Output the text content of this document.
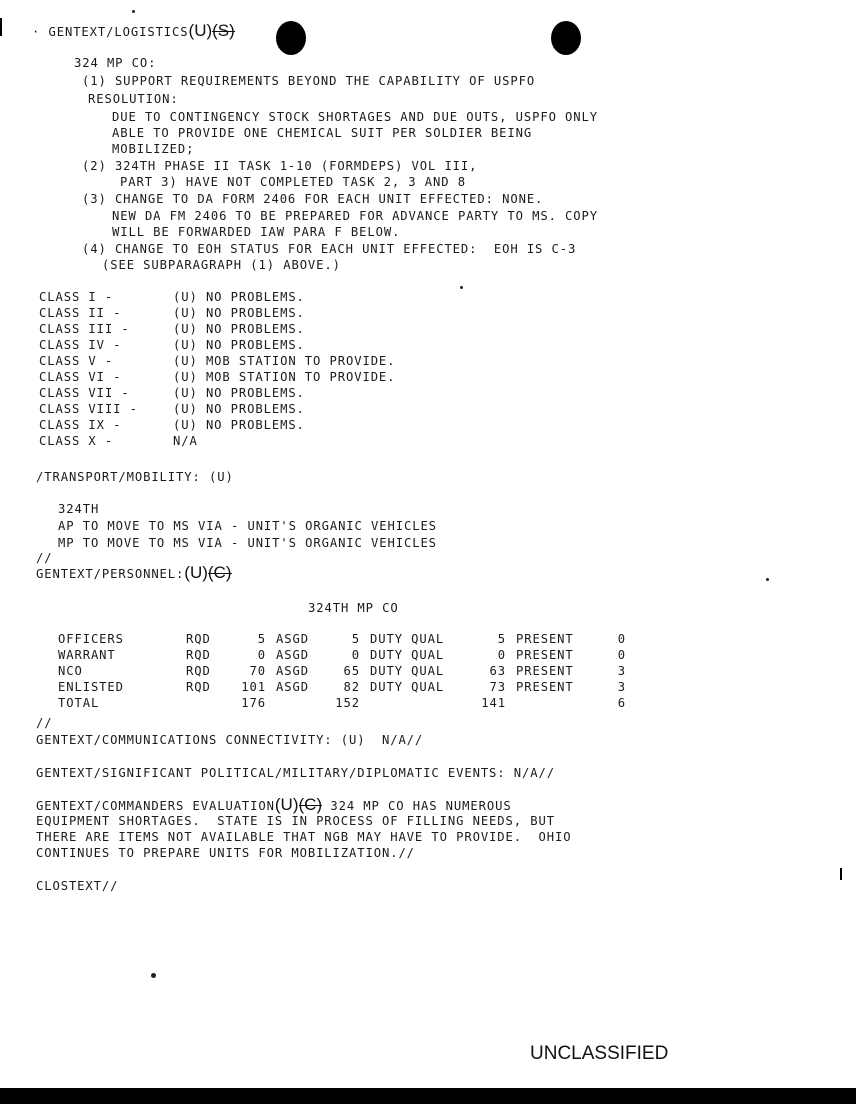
· GENTEXT/LOGISTICS(U)(S)
324 MP CO:
(1) SUPPORT REQUIREMENTS BEYOND THE CAPABILITY OF USPFO
RESOLUTION:
DUE TO CONTINGENCY STOCK SHORTAGES AND DUE OUTS, USPFO ONLY
ABLE TO PROVIDE ONE CHEMICAL SUIT PER SOLDIER BEING
MOBILIZED;
(2) 324TH PHASE II TASK 1-10 (FORMDEPS) VOL III,
PART 3) HAVE NOT COMPLETED TASK 2, 3 AND 8
(3) CHANGE TO DA FORM 2406 FOR EACH UNIT EFFECTED: NONE.
NEW DA FM 2406 TO BE PREPARED FOR ADVANCE PARTY TO MS. COPY
WILL BE FORWARDED IAW PARA F BELOW.
(4) CHANGE TO EOH STATUS FOR EACH UNIT EFFECTED:  EOH IS C-3
(SEE SUBPARAGRAPH (1) ABOVE.)
CLASS I -	(U) NO PROBLEMS.
CLASS II -	(U) NO PROBLEMS.
CLASS III -	(U) NO PROBLEMS.
CLASS IV -	(U) NO PROBLEMS.
CLASS V -	(U) MOB STATION TO PROVIDE.
CLASS VI -	(U) MOB STATION TO PROVIDE.
CLASS VII -	(U) NO PROBLEMS.
CLASS VIII -	(U) NO PROBLEMS.
CLASS IX -	(U) NO PROBLEMS.
CLASS X -	N/A
/TRANSPORT/MOBILITY: (U)
324TH
AP TO MOVE TO MS VIA - UNIT'S ORGANIC VEHICLES
MP TO MOVE TO MS VIA - UNIT'S ORGANIC VEHICLES
//
GENTEXT/PERSONNEL:(U)(C)
324TH MP CO
OFFICERS	RQD	5	ASGD	5	DUTY QUAL	5	PRESENT	0
WARRANT	RQD	0	ASGD	0	DUTY QUAL	0	PRESENT	0
NCO	RQD	70	ASGD	65	DUTY QUAL	63	PRESENT	3
ENLISTED	RQD	101	ASGD	82	DUTY QUAL	73	PRESENT	3
TOTAL		176		152		141		6
//
GENTEXT/COMMUNICATIONS CONNECTIVITY: (U)  N/A//
GENTEXT/SIGNIFICANT POLITICAL/MILITARY/DIPLOMATIC EVENTS: N/A//
GENTEXT/COMMANDERS EVALUATION(U)(C) 324 MP CO HAS NUMEROUS
EQUIPMENT SHORTAGES.  STATE IS IN PROCESS OF FILLING NEEDS, BUT
THERE ARE ITEMS NOT AVAILABLE THAT NGB MAY HAVE TO PROVIDE.  OHIO
CONTINUES TO PREPARE UNITS FOR MOBILIZATION.//
CLOSTEXT//
UNCLASSIFIED
